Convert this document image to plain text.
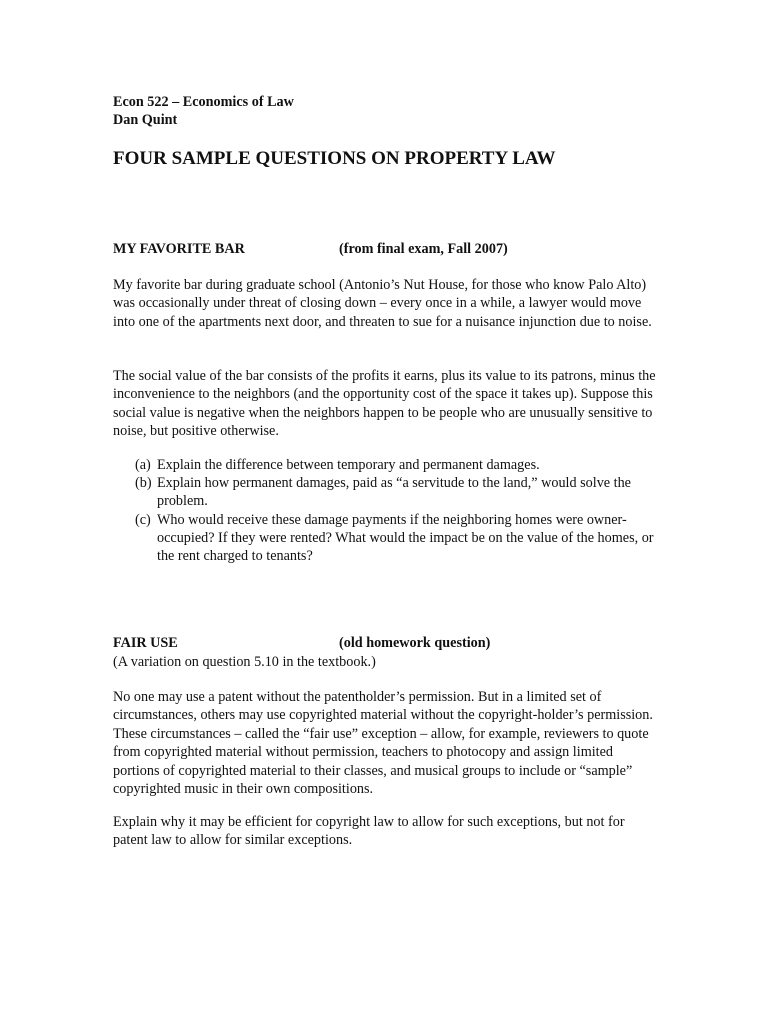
Econ 522 – Economics of Law
Dan Quint
FOUR SAMPLE QUESTIONS ON PROPERTY LAW
MY FAVORITE BAR	(from final exam, Fall 2007)
My favorite bar during graduate school (Antonio’s Nut House, for those who know Palo Alto) was occasionally under threat of closing down – every once in a while, a lawyer would move into one of the apartments next door, and threaten to sue for a nuisance injunction due to noise.
The social value of the bar consists of the profits it earns, plus its value to its patrons, minus the inconvenience to the neighbors (and the opportunity cost of the space it takes up). Suppose this social value is negative when the neighbors happen to be people who are unusually sensitive to noise, but positive otherwise.
(a) Explain the difference between temporary and permanent damages.
(b) Explain how permanent damages, paid as “a servitude to the land,” would solve the problem.
(c) Who would receive these damage payments if the neighboring homes were owner-occupied? If they were rented? What would the impact be on the value of the homes, or the rent charged to tenants?
FAIR USE	(old homework question)
(A variation on question 5.10 in the textbook.)
No one may use a patent without the patentholder’s permission. But in a limited set of circumstances, others may use copyrighted material without the copyright-holder’s permission. These circumstances – called the “fair use” exception – allow, for example, reviewers to quote from copyrighted material without permission, teachers to photocopy and assign limited portions of copyrighted material to their classes, and musical groups to include or “sample” copyrighted music in their own compositions.
Explain why it may be efficient for copyright law to allow for such exceptions, but not for patent law to allow for similar exceptions.
